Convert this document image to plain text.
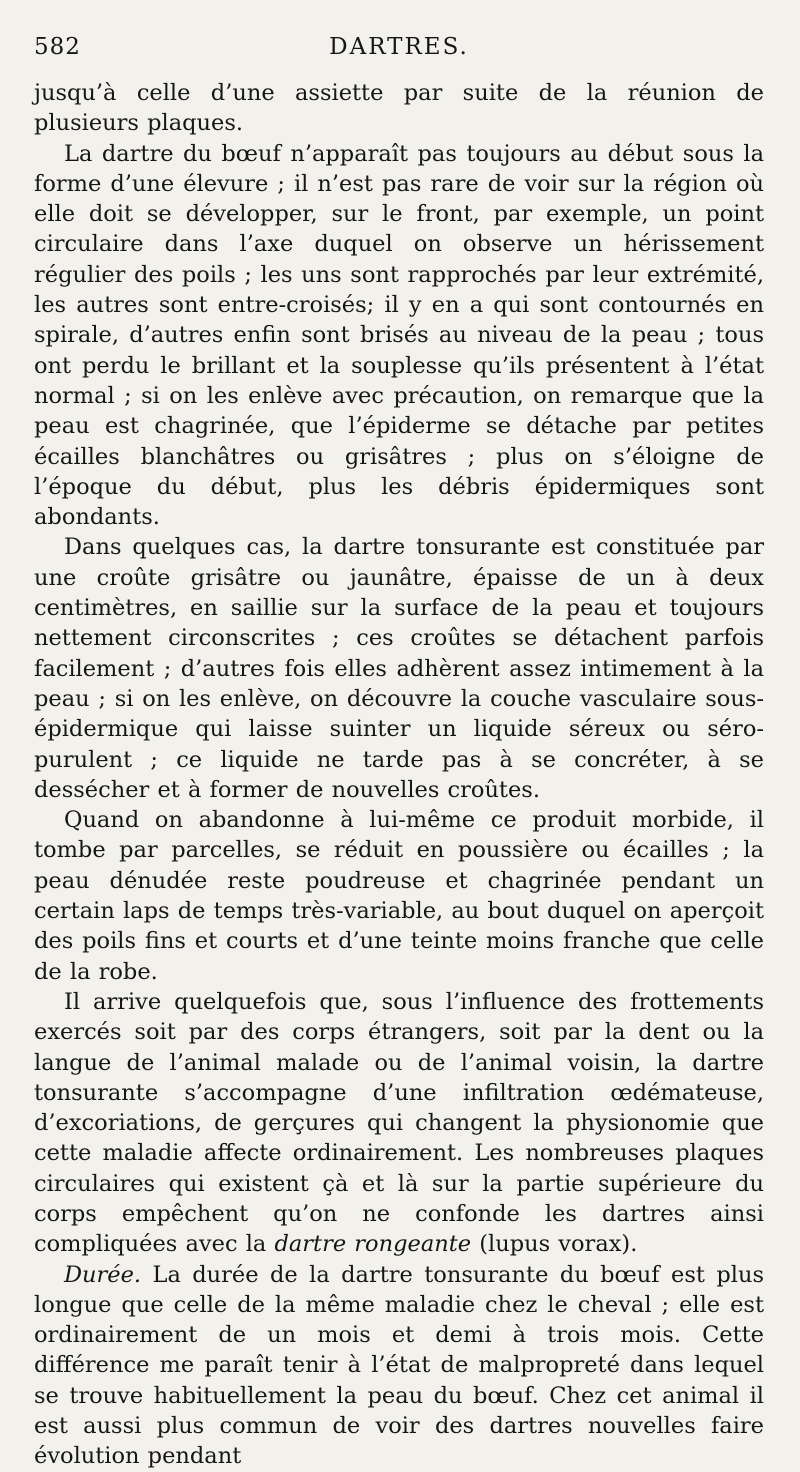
582	DARTRES.

jusqu’à celle d’une assiette par suite de la réunion de plusieurs plaques.

La dartre du bœuf n’apparaît pas toujours au début sous la forme d’une élevure ; il n’est pas rare de voir sur la région où elle doit se développer, sur le front, par exemple, un point circulaire dans l’axe duquel on observe un hérissement régulier des poils ; les uns sont rapprochés par leur extrémité, les autres sont entre-croisés; il y en a qui sont contournés en spirale, d’autres enfin sont brisés au niveau de la peau ; tous ont perdu le brillant et la souplesse qu’ils présentent à l’état normal ; si on les enlève avec précaution, on remarque que la peau est chagrinée, que l’épiderme se détache par petites écailles blanchâtres ou grisâtres ; plus on s’éloigne de l’époque du début, plus les débris épidermiques sont abondants.

Dans quelques cas, la dartre tonsurante est constituée par une croûte grisâtre ou jaunâtre, épaisse de un à deux centimètres, en saillie sur la surface de la peau et toujours nettement circonscrites ; ces croûtes se détachent parfois facilement ; d’autres fois elles adhèrent assez intimement à la peau ; si on les enlève, on découvre la couche vasculaire sous-épidermique qui laisse suinter un liquide séreux ou séro-purulent ; ce liquide ne tarde pas à se concréter, à se dessécher et à former de nouvelles croûtes.

Quand on abandonne à lui-même ce produit morbide, il tombe par parcelles, se réduit en poussière ou écailles ; la peau dénudée reste poudreuse et chagrinée pendant un certain laps de temps très-variable, au bout duquel on aperçoit des poils fins et courts et d’une teinte moins franche que celle de la robe.

Il arrive quelquefois que, sous l’influence des frottements exercés soit par des corps étrangers, soit par la dent ou la langue de l’animal malade ou de l’animal voisin, la dartre tonsurante s’accompagne d’une infiltration œdémateuse, d’excoriations, de gerçures qui changent la physionomie que cette maladie affecte ordinairement. Les nombreuses plaques circulaires qui existent çà et là sur la partie supérieure du corps empêchent qu’on ne confonde les dartres ainsi compliquées avec la dartre rongeante (lupus vorax).

Durée. La durée de la dartre tonsurante du bœuf est plus longue que celle de la même maladie chez le cheval ; elle est ordinairement de un mois et demi à trois mois. Cette différence me paraît tenir à l’état de malpropreté dans lequel se trouve habituellement la peau du bœuf. Chez cet animal il est aussi plus commun de voir des dartres nouvelles faire évolution pendant
